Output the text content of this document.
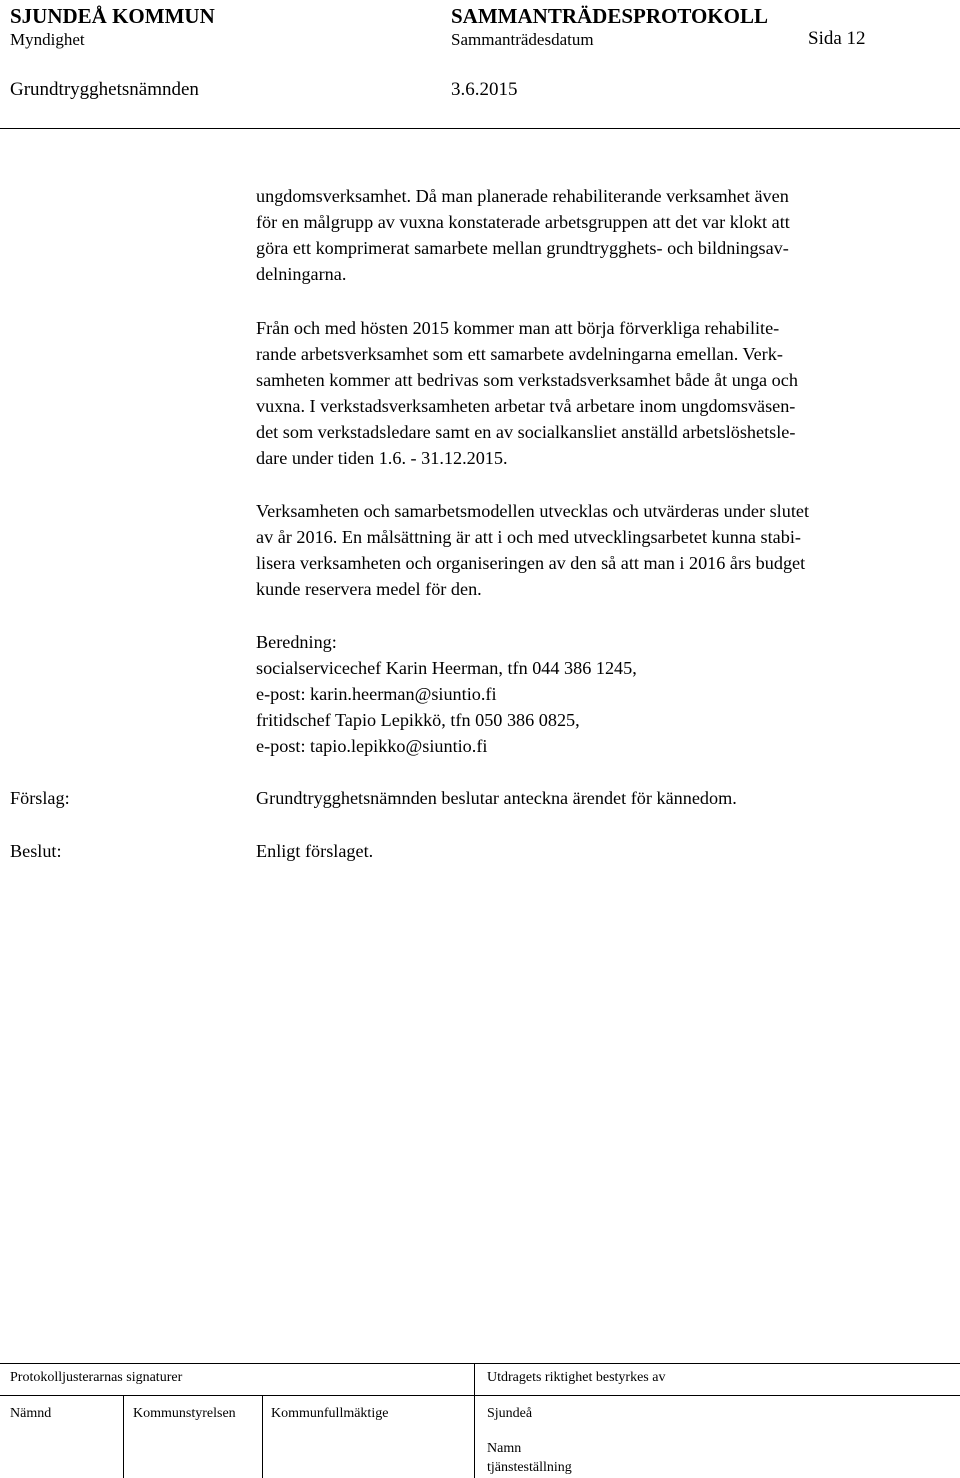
SJUNDEÅ KOMMUN	SAMMANTRÄDESPROTOKOLL
Myndighet	Sammanträdesdatum	Sida 12
Grundtrygghetsnämnden	3.6.2015
ungdomsverksamhet. Då man planerade rehabiliterande verksamhet även
för en målgrupp av vuxna konstaterade arbetsgruppen att det var klokt att
göra ett komprimerat samarbete mellan grundtrygghets- och bildningsav-
delningarna.
Från och med hösten 2015 kommer man att börja förverkliga rehabilite-
rande arbetsverksamhet som ett samarbete avdelningarna emellan. Verk-
samheten kommer att bedrivas som verkstadsverksamhet både åt unga och
vuxna. I verkstadsverksamheten arbetar två arbetare inom ungdomsväsen-
det som verkstadsledare samt en av socialkansliet anställd arbetslöshetsle-
dare under tiden 1.6. - 31.12.2015.
Verksamheten och samarbetsmodellen utvecklas och utvärderas under slutet
av år 2016. En målsättning är att i och med utvecklingsarbetet kunna stabi-
lisera verksamheten och organiseringen av den så att man i 2016 års budget
kunde reservera medel för den.
Beredning:
socialservicechef Karin Heerman, tfn 044 386 1245,
e-post: karin.heerman@siuntio.fi
fritidschef Tapio Lepikkö, tfn 050 386 0825,
e-post: tapio.lepikko@siuntio.fi
Förslag:	Grundtrygghetsnämnden beslutar anteckna ärendet för kännedom.
Beslut:	Enligt förslaget.
Protokolljusterarnas signaturer	Utdragets riktighet bestyrkes av
Nämnd	Kommunstyrelsen	Kommunfullmäktige	Sjundeå
Namn
tjänsteställning
